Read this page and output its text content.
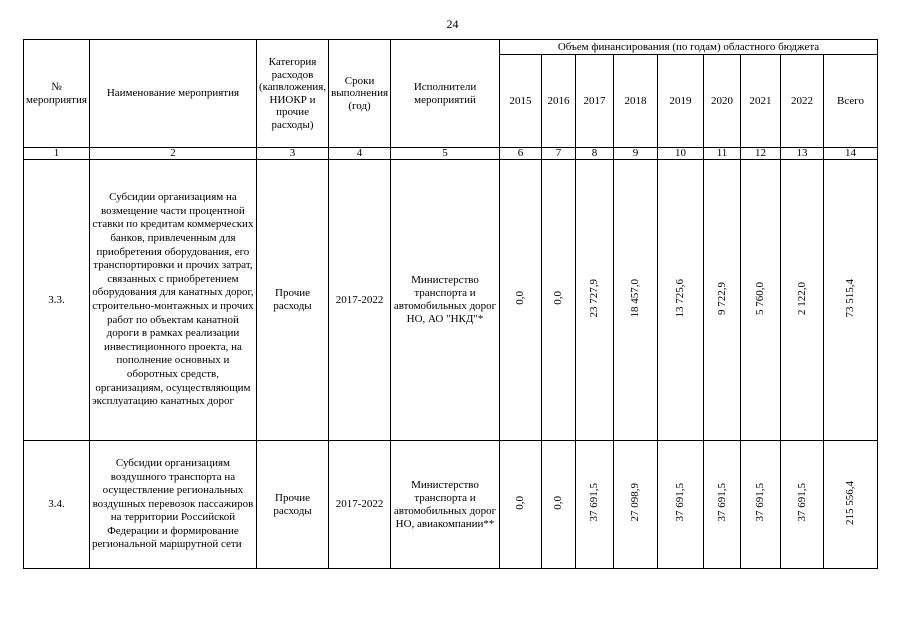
24
№ мероприятия	Наименование мероприятия	Категория расходов (капвложения, НИОКР и прочие расходы)	Сроки выполнения (год)	Исполнители мероприятий	Объем финансирования (по годам) областного бюджета								
					2015	2016	2017	2018	2019	2020	2021	2022	Всего
1	2	3	4	5	6	7	8	9	10	11	12	13	14
3.3.	Субсидии организациям на возмещение части процентной ставки по кредитам коммерческих банков, привлеченным для приобретения оборудования, его транспортировки и прочих затрат, связанных с приобретением оборудования для канатных дорог, строительно-монтажных и прочих работ по объектам канатной дороги в рамках реализации инвестиционного проекта, на пополнение основных и оборотных средств, организациям, осуществляющим эксплуатацию канатных дорог	Прочие расходы	2017-2022	Министерство транспорта и автомобильных дорог НО, АО "НКД"*	0,0	0,0	23 727,9	18 457,0	13 725,6	9 722,9	5 760,0	2 122,0	73 515,4
3.4.	Субсидии организациям воздушного транспорта на осуществление региональных воздушных перевозок пассажиров на территории Российской Федерации и формирование региональной маршрутной сети	Прочие расходы	2017-2022	Министерство транспорта и автомобильных дорог НО, авиакомпании**	0,0	0,0	37 691,5	27 098,9	37 691,5	37 691,5	37 691,5	37 691,5	215 556,4
